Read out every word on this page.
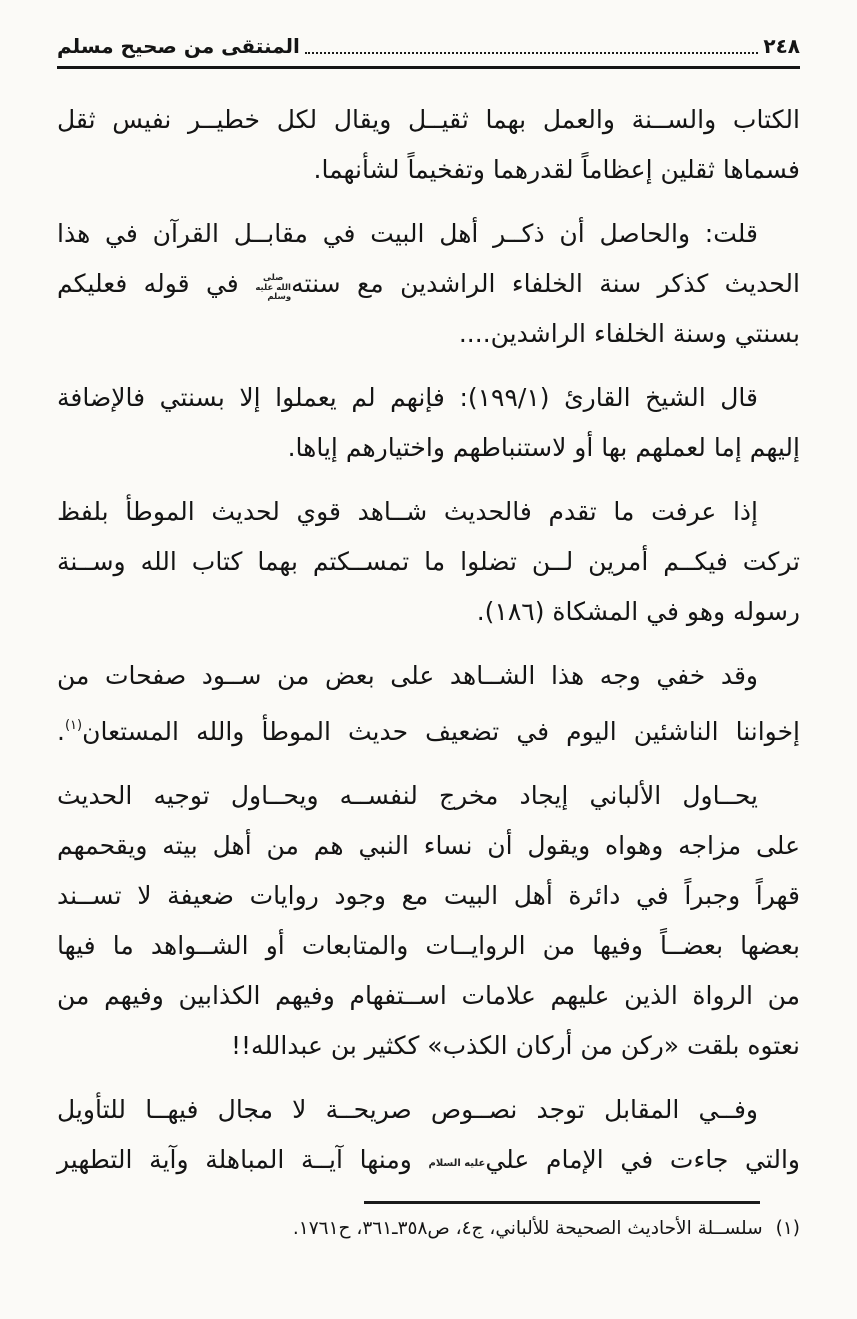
٢٤٨
المنتقى من صحيح مسلم
الكتاب والســنة والعمل بهما ثقيــل ويقال لكل خطيــر نفيس ثقل
فسماها ثقلين إعظاماً لقدرهما وتفخيماً لشأنهما.
قلت: والحاصل أن ذكــر أهل البيت في مقابــل القرآن في هذا
الحديث كذكر سنة الخلفاء الراشدين مع سنتهصلى الله عليه وسلم في قوله فعليكم
بسنتي وسنة الخلفاء الراشدين....
قال الشيخ القارئ (١٩٩/١): فإنهم لم يعملوا إلا بسنتي فالإضافة
إليهم إما لعملهم بها أو لاستنباطهم واختيارهم إياها.
إذا عرفت ما تقدم فالحديث شــاهد قوي لحديث الموطأ بلفظ
تركت فيكــم أمرين لــن تضلوا ما تمســكتم بهما كتاب الله وســنة
رسوله وهو في المشكاة (١٨٦).
وقد خفي وجه هذا الشــاهد على بعض من ســود صفحات من
إخواننا الناشئين اليوم في تضعيف حديث الموطأ والله المستعان$^{(١)}$.
يحــاول الألباني إيجاد مخرج لنفســه ويحــاول توجيه الحديث
على مزاجه وهواه ويقول أن نساء النبي هم من أهل بيته ويقحمهم
قهراً وجبراً في دائرة أهل البيت مع وجود روايات ضعيفة لا تســند
بعضها بعضــاً وفيها من الروايــات والمتابعات أو الشــواهد ما فيها
من الرواة الذين عليهم علامات اســتفهام وفيهم الكذابين وفيهم من
نعتوه بلقت «ركن من أركان الكذب» ككثير بن عبدالله!!
وفــي المقابل توجد نصــوص صريحــة لا مجال فيهــا للتأويل
والتي جاءت في الإمام عليعليه السلام ومنها آيــة المباهلة وآية التطهير
(١)سلســلة الأحاديث الصحيحة للألباني، ج٤، ص٣٥٨ـ٣٦١، ح١٧٦١.
